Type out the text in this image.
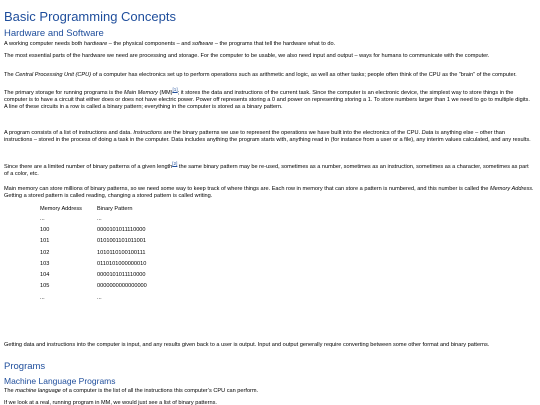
Basic Programming Concepts
Hardware and Software
A working computer needs both hardware – the physical components – and software – the programs that tell the hardware what to do.
The most essential parts of the hardware we need are processing and storage. For the computer to be usable, we also need input and output – ways for humans to communicate with the computer.
The Central Processing Unit (CPU) of a computer has electronics set up to perform operations such as arithmetic and logic, as well as other tasks; people often think of the CPU as the “brain” of the computer.
The primary storage for running programs is the Main Memory (MM)[1]; it stores the data and instructions of the current task. Since the computer is an electronic device, the simplest way to store things in the computer is to have a circuit that either does or does not have electric power. Power off represents storing a 0 and power on representing storing a 1. To store numbers larger than 1 we need to go to multiple digits. A line of these circuits in a row is called a binary pattern; everything in the computer is stored as a binary pattern.
A program consists of a list of instructions and data. Instructions are the binary patterns we use to represent the operations we have built into the electronics of the CPU. Data is anything else – other than instructions – stored in the process of doing a task in the computer. Data includes anything the program starts with, anything read in (for instance from a user or a file), any interim values calculated, and any results.
Since there are a limited number of binary patterns of a given length[2] the same binary pattern may be re-used, sometimes as a number, sometimes as an instruction, sometimes as a character, sometimes as part of a color, etc.
Main memory can store millions of binary patterns, so we need some way to keep track of where things are. Each row in memory that can store a pattern is numbered, and this number is called the Memory Address. Getting a stored pattern is called reading, changing a stored pattern is called writing.
Memory Address	Binary Pattern
...	...
100	0000101011110000
101	0101001101011001
102	1010110100100111
103	0110101000000010
104	0000101011110000
105	0000000000000000
...	...
Getting data and instructions into the computer is input, and any results given back to a user is output. Input and output generally require converting between some other format and binary patterns.
Programs
Machine Language Programs
The machine language of a computer is the list of all the instructions this computer’s CPU can perform.
If we look at a real, running program in MM, we would just see a list of binary patterns.
